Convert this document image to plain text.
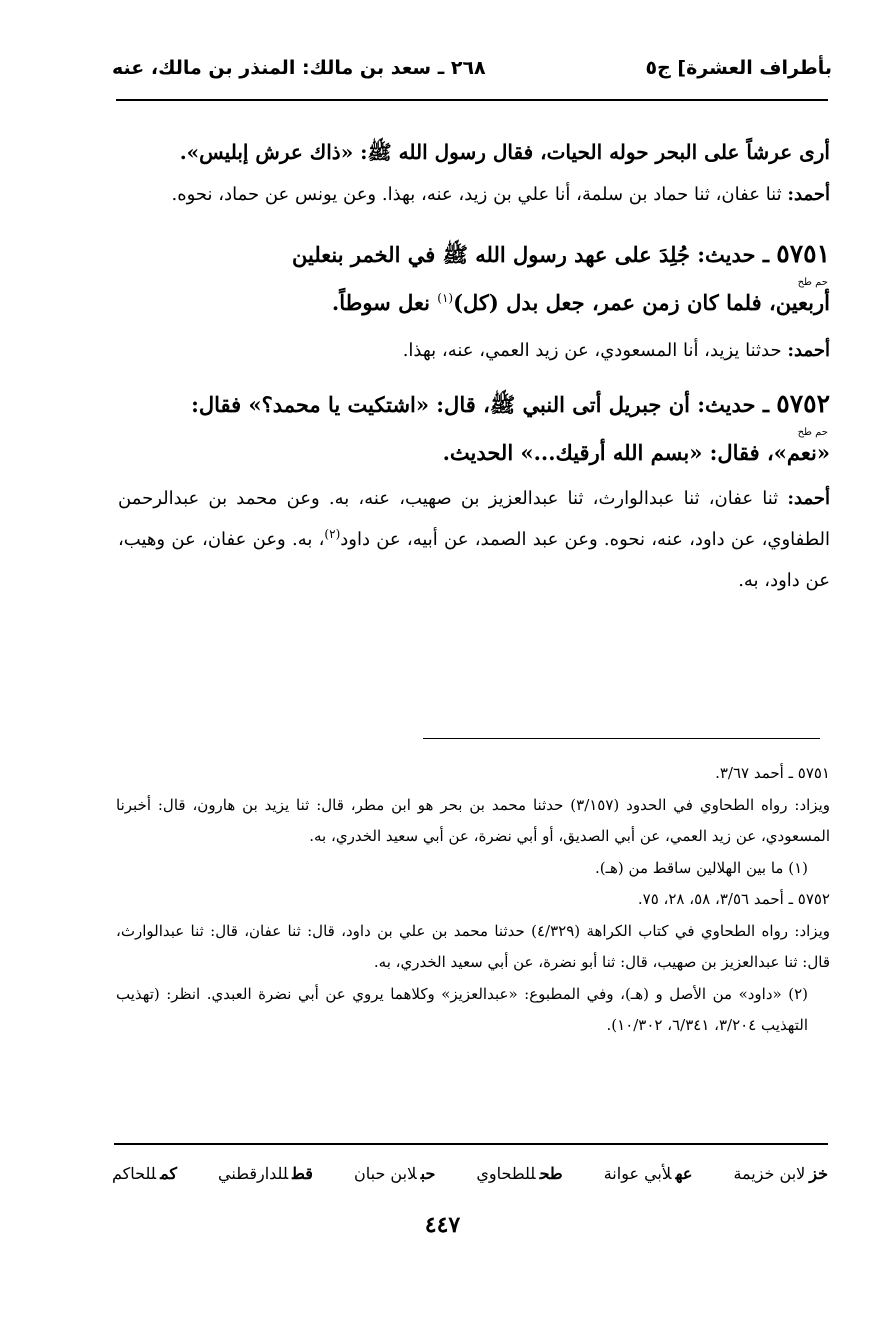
بأطراف العشرة] ج٥
٢٦٨ ـ سعد بن مالك: المنذر بن مالك، عنه

أرى عرشاً على البحر حوله الحيات، فقال رسول الله ﷺ: «ذاك عرش إبليس».

أحمد: ثنا عفان، ثنا حماد بن سلمة، أنا علي بن زيد، عنه، بهذا. وعن يونس عن حماد، نحوه.

٥٧٥١ ـ حديث: جُلِدَ على عهد رسول الله ﷺ في الخمر بنعلين

حم طح

أربعين، فلما كان زمن عمر، جعل بدل (كل)$^{(١)}$ نعل سوطاً.

أحمد: حدثنا يزيد، أنا المسعودي، عن زيد العمي، عنه، بهذا.

٥٧٥٢ ـ حديث: أن جبريل أتى النبي ﷺ، قال: «اشتكيت يا محمد؟» فقال:

حم طح

«نعم»، فقال: «بسم الله أرقيك...» الحديث.

أحمد: ثنا عفان، ثنا عبدالوارث، ثنا عبدالعزيز بن صهيب، عنه، به. وعن محمد بن عبدالرحمن الطفاوي، عن داود، عنه، نحوه. وعن عبد الصمد، عن أبيه، عن داود$^{(٢)}$، به. وعن عفان، عن وهيب، عن داود، به.

٥٧٥١ ـ أحمد ٣/٦٧.

ويزاد: رواه الطحاوي في الحدود (٣/١٥٧) حدثنا محمد بن بحر هو ابن مطر، قال: ثنا يزيد بن هارون، قال: أخبرنا المسعودي، عن زيد العمي، عن أبي الصديق، أو أبي نضرة، عن أبي سعيد الخدري، به.

(١) ما بين الهلالين ساقط من (هـ).

٥٧٥٢ ـ أحمد ٣/٥٦، ٥٨، ٢٨، ٧٥.

ويزاد: رواه الطحاوي في كتاب الكراهة (٤/٣٢٩) حدثنا محمد بن علي بن داود، قال: ثنا عفان، قال: ثنا عبدالوارث، قال: ثنا عبدالعزيز بن صهيب، قال: ثنا أبو نضرة، عن أبي سعيد الخدري، به.

(٢) «داود» من الأصل و (هـ)، وفي المطبوع: «عبدالعزيز» وكلاهما يروي عن أبي نضرة العبدي. انظر: (تهذيب التهذيب ٣/٢٠٤، ٦/٣٤١، ١٠/٣٠٢).

خزلابن خزيمة
عهلأبي عوانة
طحللطحاوي
حبلابن حبان
قطللدارقطني
كمللحاكم
٤٤٧
